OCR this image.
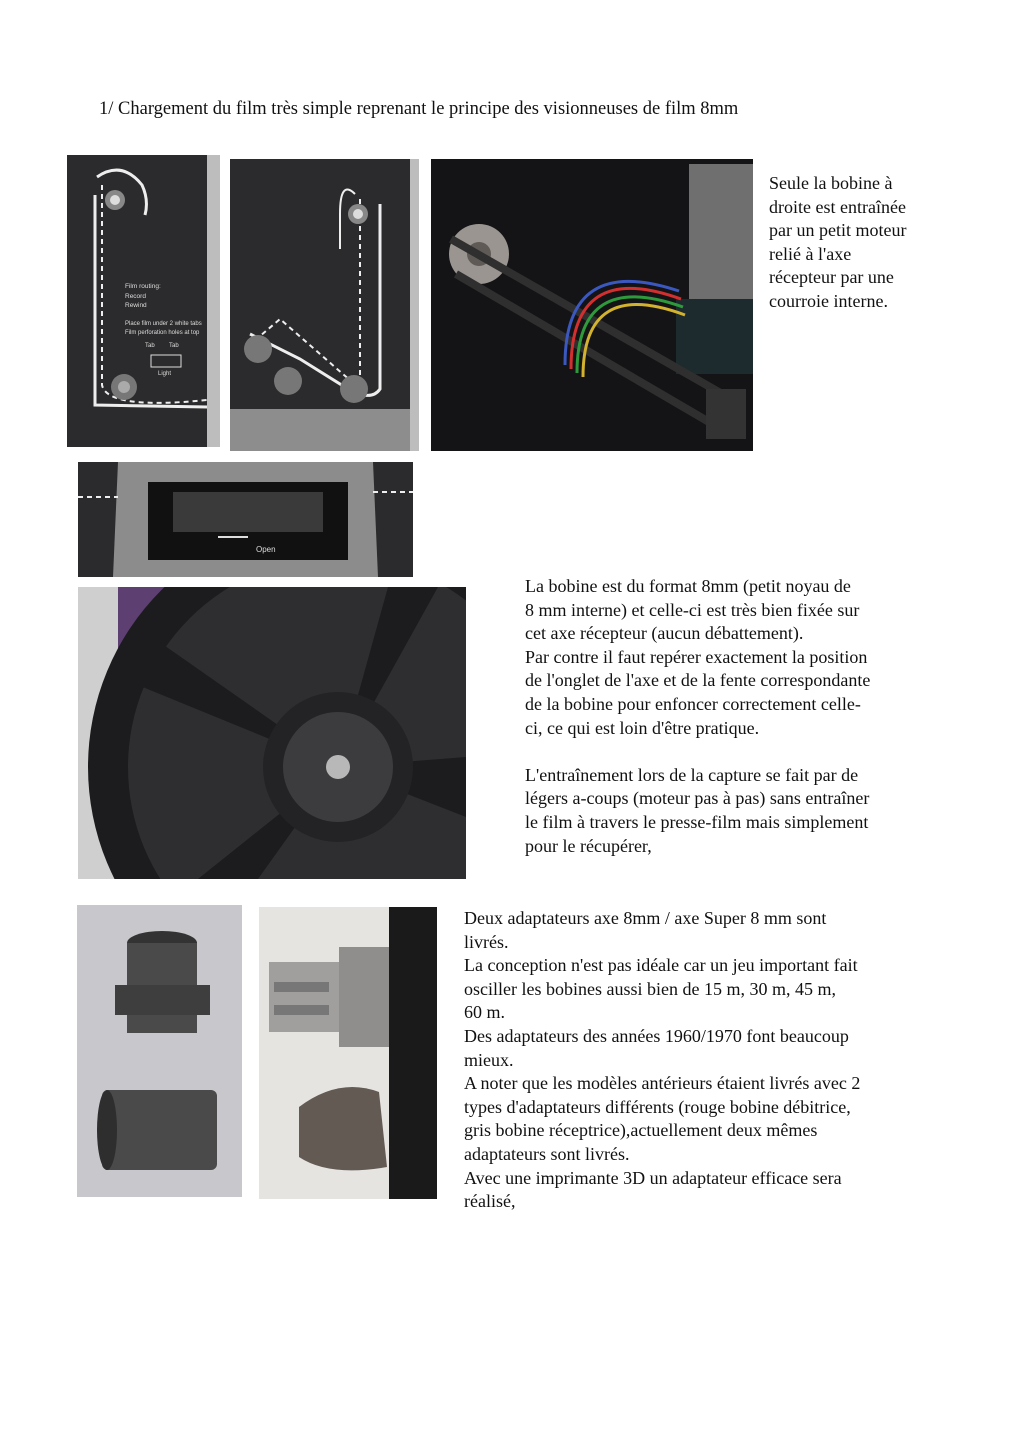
1/ Chargement du film très simple reprenant le principe des visionneuses de film 8mm
Film routing:
Record
Rewind
Place film under 2 white tabs
Film perforation holes at top
Tab Tab
Light
Seule la bobine à
droite est entraînée
par un petit moteur
relié à l'axe
récepteur par une
courroie interne.
Open
La bobine est du format 8mm (petit noyau de
8 mm interne) et celle-ci est très bien fixée sur
cet axe récepteur (aucun débattement).
Par contre il faut repérer exactement la position
de l'onglet de l'axe et de la fente correspondante
de la bobine pour enfoncer correctement celle-
ci, ce qui est loin d'être pratique.
L'entraînement lors de la capture se fait par de
légers a-coups (moteur pas à pas) sans entraîner
le film à travers le presse-film mais simplement
pour le récupérer,
Deux adaptateurs axe 8mm / axe Super 8 mm sont
livrés.
La conception n'est pas idéale car un jeu important fait
osciller les bobines aussi bien de 15 m, 30 m, 45 m,
60 m.
Des adaptateurs des années 1960/1970 font beaucoup
mieux.
A noter que les modèles antérieurs étaient livrés avec 2
types d'adaptateurs différents (rouge bobine débitrice,
gris bobine réceptrice),actuellement deux mêmes
adaptateurs sont livrés.
Avec une imprimante 3D un adaptateur efficace sera
réalisé,
